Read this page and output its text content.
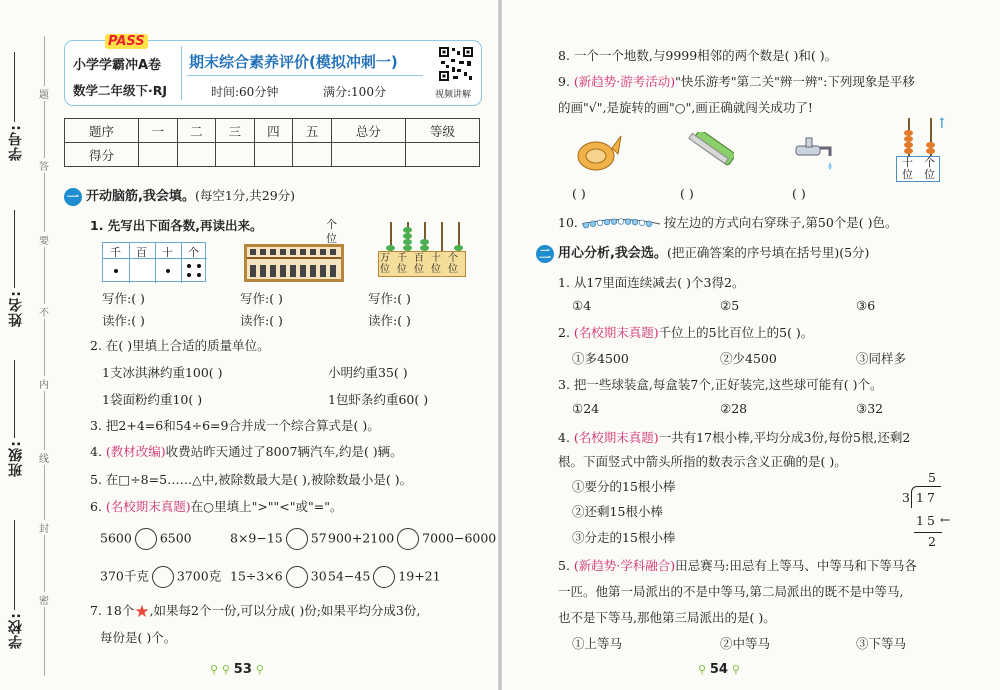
学号:
姓名:
班级:
学校:
题
答
要
不
内
线
封
密
PASS
小学学霸冲A卷
数学二年级下·RJ
期末综合素养评价(模拟冲刺一)
时间:60分钟	满分:100分	视频讲解
题序	一	二	三	四	五	总分	等级
得分							
一 开动脑筋,我会填。(每空1分,共29分)
1. 先写出下面各数,再读出来。
千 百 十 个
个
位
万位
千位
百位
十位
个位
写作:( )
读作:( )
写作:( )
读作:( )
写作:( )
读作:( )
2. 在( )里填上合适的质量单位。
1支冰淇淋约重100( )	小明约重35( )
1袋面粉约重10( )	1包虾条约重60( )
3. 把2+4=6和54÷6=9合并成一个综合算式是( )。
4. (教材改编)收费站昨天通过了8007辆汽车,约是( )辆。
5. 在□÷8=5……△中,被除数最大是( ),被除数最小是( )。
6. (名校期末真题)在○里填上">""<"或"="。
5600 6500	8×9−15 57 900+2100 7000−6000
370千克 3700克 15÷3×6 30 54−45 19+21
7. 18个★,如果每2个一份,可以分成( )份;如果平均分成3份,
每份是( )个。
⚲ ⚲ 53 ⚲
8. 一个一个地数,与9999相邻的两个数是( )和( )。
9. (新趋势·游考活动)"快乐游考"第二关"辨一辨":下列现象是平移
的画"√",是旋转的画"○",画正确就闯关成功了!
( )	( )	( )
↑
十位
个位
10.	按左边的方式向右穿珠子,第50个是( )色。
二 用心分析,我会选。(把正确答案的序号填在括号里)(5分)
1. 从17里面连续减去( )个3得2。
①4	②5	③6
2. (名校期末真题)千位上的5比百位上的5( )。
①多4500	②少4500	③同样多
3. 把一些球装盒,每盒装7个,正好装完,这些球可能有( )个。
①24	②28	③32
4. (名校期末真题)一共有17根小棒,平均分成3份,每份5根,还剩2
根。下面竖式中箭头所指的数表示含义正确的是( )。
①要分的15根小棒
②还剩15根小棒
③分走的15根小棒
5
3 17
15 ←
2
5. (新趋势·学科融合)田忌赛马:田忌有上等马、中等马和下等马各
一匹。他第一局派出的不是中等马,第二局派出的既不是中等马,
也不是下等马,那他第三局派出的是( )。
①上等马	②中等马	③下等马
⚲ 54 ⚲
